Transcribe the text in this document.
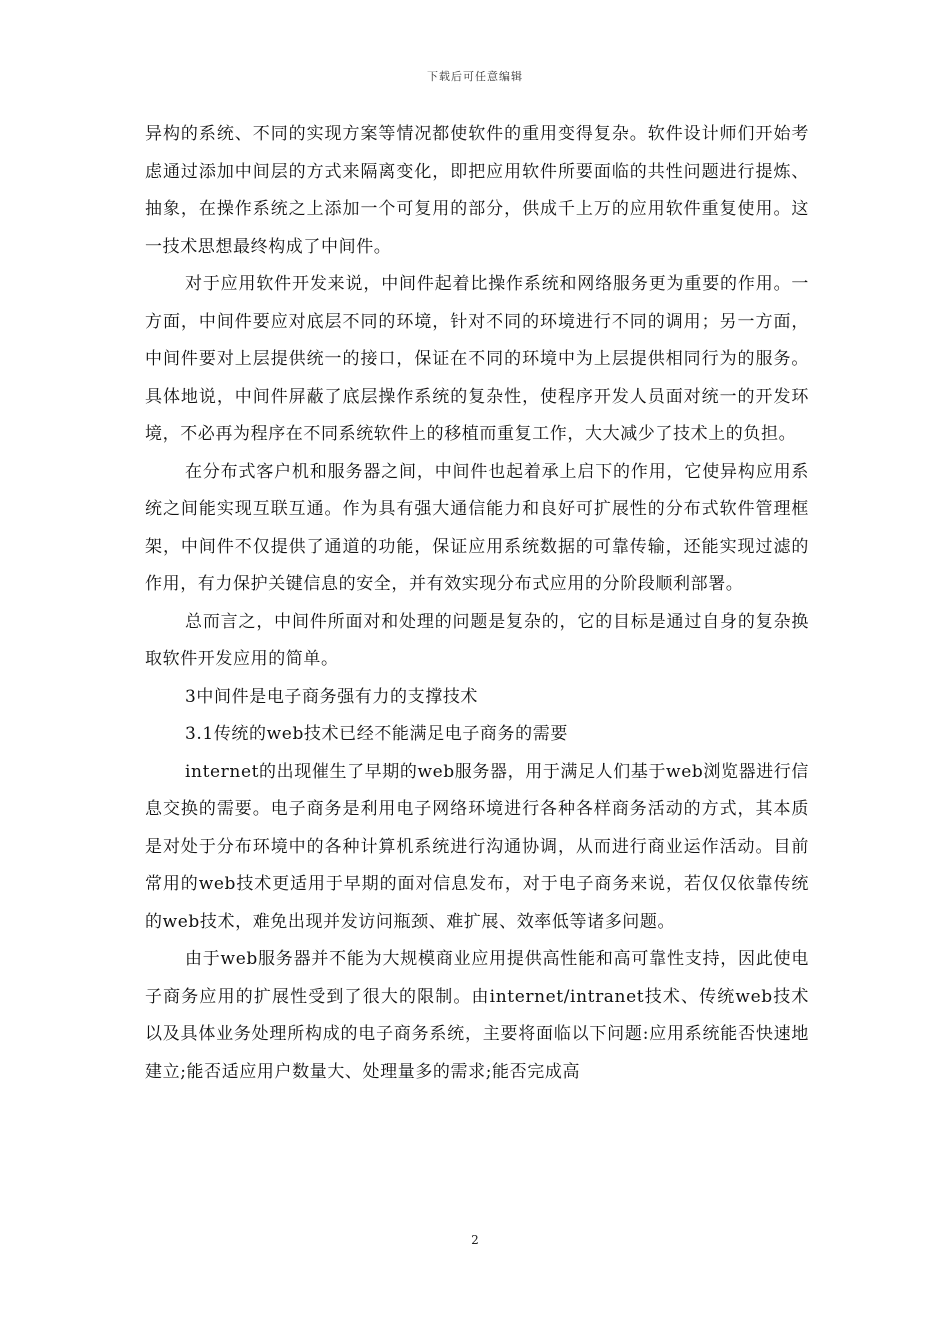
下载后可任意编辑

异构的系统、不同的实现方案等情况都使软件的重用变得复杂。软件设计师们开始考虑通过添加中间层的方式来隔离变化，即把应用软件所要面临的共性问题进行提炼、抽象，在操作系统之上添加一个可复用的部分，供成千上万的应用软件重复使用。这一技术思想最终构成了中间件。

对于应用软件开发来说，中间件起着比操作系统和网络服务更为重要的作用。一方面，中间件要应对底层不同的环境，针对不同的环境进行不同的调用；另一方面，中间件要对上层提供统一的接口，保证在不同的环境中为上层提供相同行为的服务。具体地说，中间件屏蔽了底层操作系统的复杂性，使程序开发人员面对统一的开发环境，不必再为程序在不同系统软件上的移植而重复工作，大大减少了技术上的负担。

在分布式客户机和服务器之间，中间件也起着承上启下的作用，它使异构应用系统之间能实现互联互通。作为具有强大通信能力和良好可扩展性的分布式软件管理框架，中间件不仅提供了通道的功能，保证应用系统数据的可靠传输，还能实现过滤的作用，有力保护关键信息的安全，并有效实现分布式应用的分阶段顺利部署。

总而言之，中间件所面对和处理的问题是复杂的，它的目标是通过自身的复杂换取软件开发应用的简单。

3中间件是电子商务强有力的支撑技术

3.1传统的web技术已经不能满足电子商务的需要

internet的出现催生了早期的web服务器，用于满足人们基于web浏览器进行信息交换的需要。电子商务是利用电子网络环境进行各种各样商务活动的方式，其本质是对处于分布环境中的各种计算机系统进行沟通协调，从而进行商业运作活动。目前常用的web技术更适用于早期的面对信息发布，对于电子商务来说，若仅仅依靠传统的web技术，难免出现并发访问瓶颈、难扩展、效率低等诸多问题。

由于web服务器并不能为大规模商业应用提供高性能和高可靠性支持，因此使电子商务应用的扩展性受到了很大的限制。由internet/intranet技术、传统web技术以及具体业务处理所构成的电子商务系统，主要将面临以下问题:应用系统能否快速地建立;能否适应用户数量大、处理量多的需求;能否完成高

2
